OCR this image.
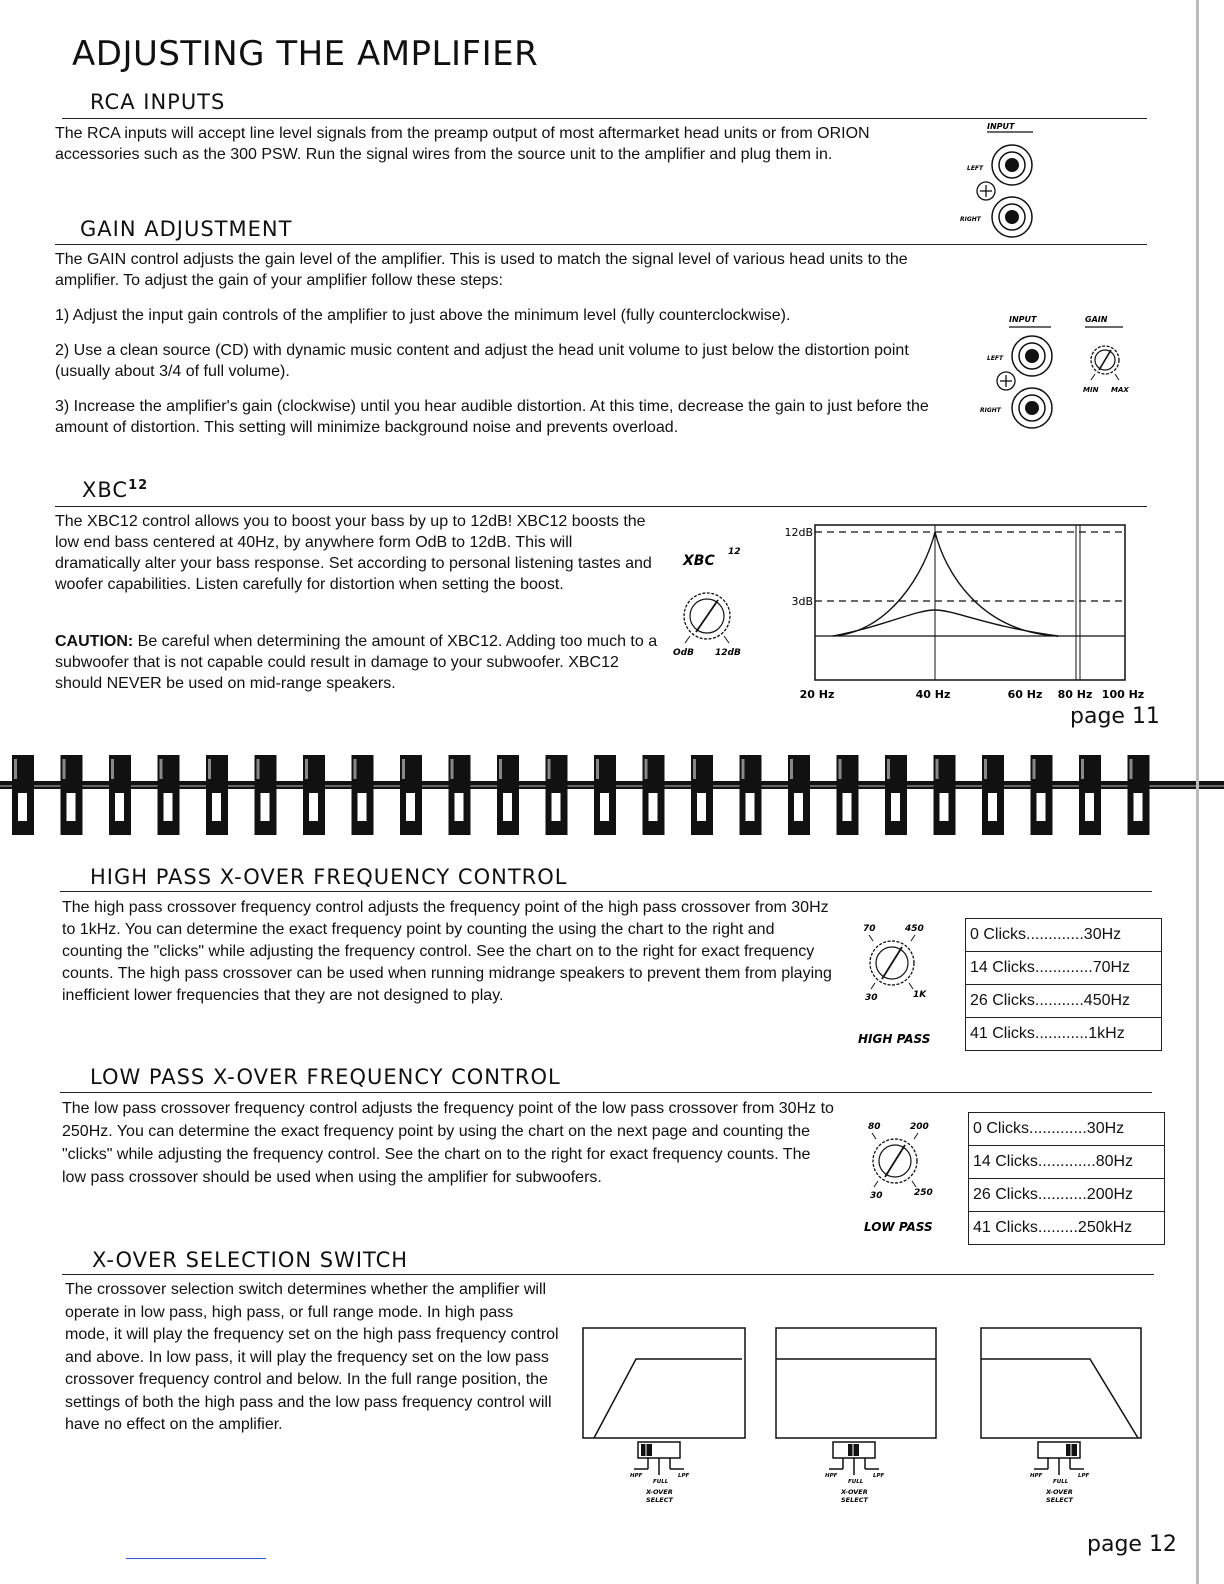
ADJUSTING THE AMPLIFIER
RCA INPUTS
The RCA inputs will accept line level signals from the preamp output of most aftermarket head units or from ORION accessories such as the 300 PSW. Run the signal wires from the source unit to the amplifier and plug them in.
INPUT
LEFT
RIGHT
GAIN ADJUSTMENT
The GAIN control adjusts the gain level of the amplifier. This is used to match the signal level of various head units to the amplifier. To adjust the gain of your amplifier follow these steps:
1) Adjust the input gain controls of the amplifier to just above the minimum level (fully counterclockwise).
2) Use a clean source (CD) with dynamic music content and adjust the head unit volume to just below the distortion point (usually about 3/4 of full volume).
3) Increase the amplifier's gain (clockwise) until you hear audible distortion. At this time, decrease the gain to just before the amount of distortion. This setting will minimize background noise and prevents overload.
INPUT	GAIN
LEFT
RIGHT
MIN MAX
XBC$^{12}$
The XBC12 control allows you to boost your bass by up to 12dB! XBC12 boosts the low end bass centered at 40Hz, by anywhere form OdB to 12dB. This will dramatically alter your bass response. Set according to personal listening tastes and woofer capabilities. Listen carefully for distortion when setting the boost.
CAUTION: Be careful when determining the amount of XBC12. Adding too much to a subwoofer that is not capable could result in damage to your subwoofer. XBC12 should NEVER be used on mid-range speakers.
XBC
12
OdB 12dB
12dB
3dB
20 Hz	40 Hz	60 Hz 80 Hz 100 Hz
page 11
HIGH PASS X-OVER FREQUENCY CONTROL
The high pass crossover frequency control adjusts the frequency point of the high pass crossover from 30Hz to 1kHz. You can determine the exact frequency point by counting the using the chart to the right and counting the "clicks" while adjusting the frequency control. See the chart on to the right for exact frequency counts. The high pass crossover can be used when running midrange speakers to prevent them from playing inefficient lower frequencies that they are not designed to play.
70	450
30	1K
HIGH PASS
0 Clicks.............30Hz
14 Clicks.............70Hz
26 Clicks...........450Hz
41 Clicks............1kHz
LOW PASS X-OVER FREQUENCY CONTROL
The low pass crossover frequency control adjusts the frequency point of the low pass crossover from 30Hz to 250Hz. You can determine the exact frequency point by using the chart on the next page and counting the "clicks" while adjusting the frequency control. See the chart on to the right for exact frequency counts. The low pass crossover should be used when using the amplifier for subwoofers.
80	200
30	250
LOW PASS
0 Clicks.............30Hz
14 Clicks.............80Hz
26 Clicks...........200Hz
41 Clicks.........250kHz
X-OVER SELECTION SWITCH
The crossover selection switch determines whether the amplifier will operate in low pass, high pass, or full range mode. In high pass mode, it will play the frequency set on the high pass frequency control and above. In low pass, it will play the frequency set on the low pass crossover frequency control and below. In the full range position, the settings of both the high pass and the low pass frequency control will have no effect on the amplifier.
HPF	LPF
FULL
X-OVER
SELECT
HPF	LPF
FULL
X-OVER
SELECT
HPF	LPF
FULL
X-OVER
SELECT
page 12
